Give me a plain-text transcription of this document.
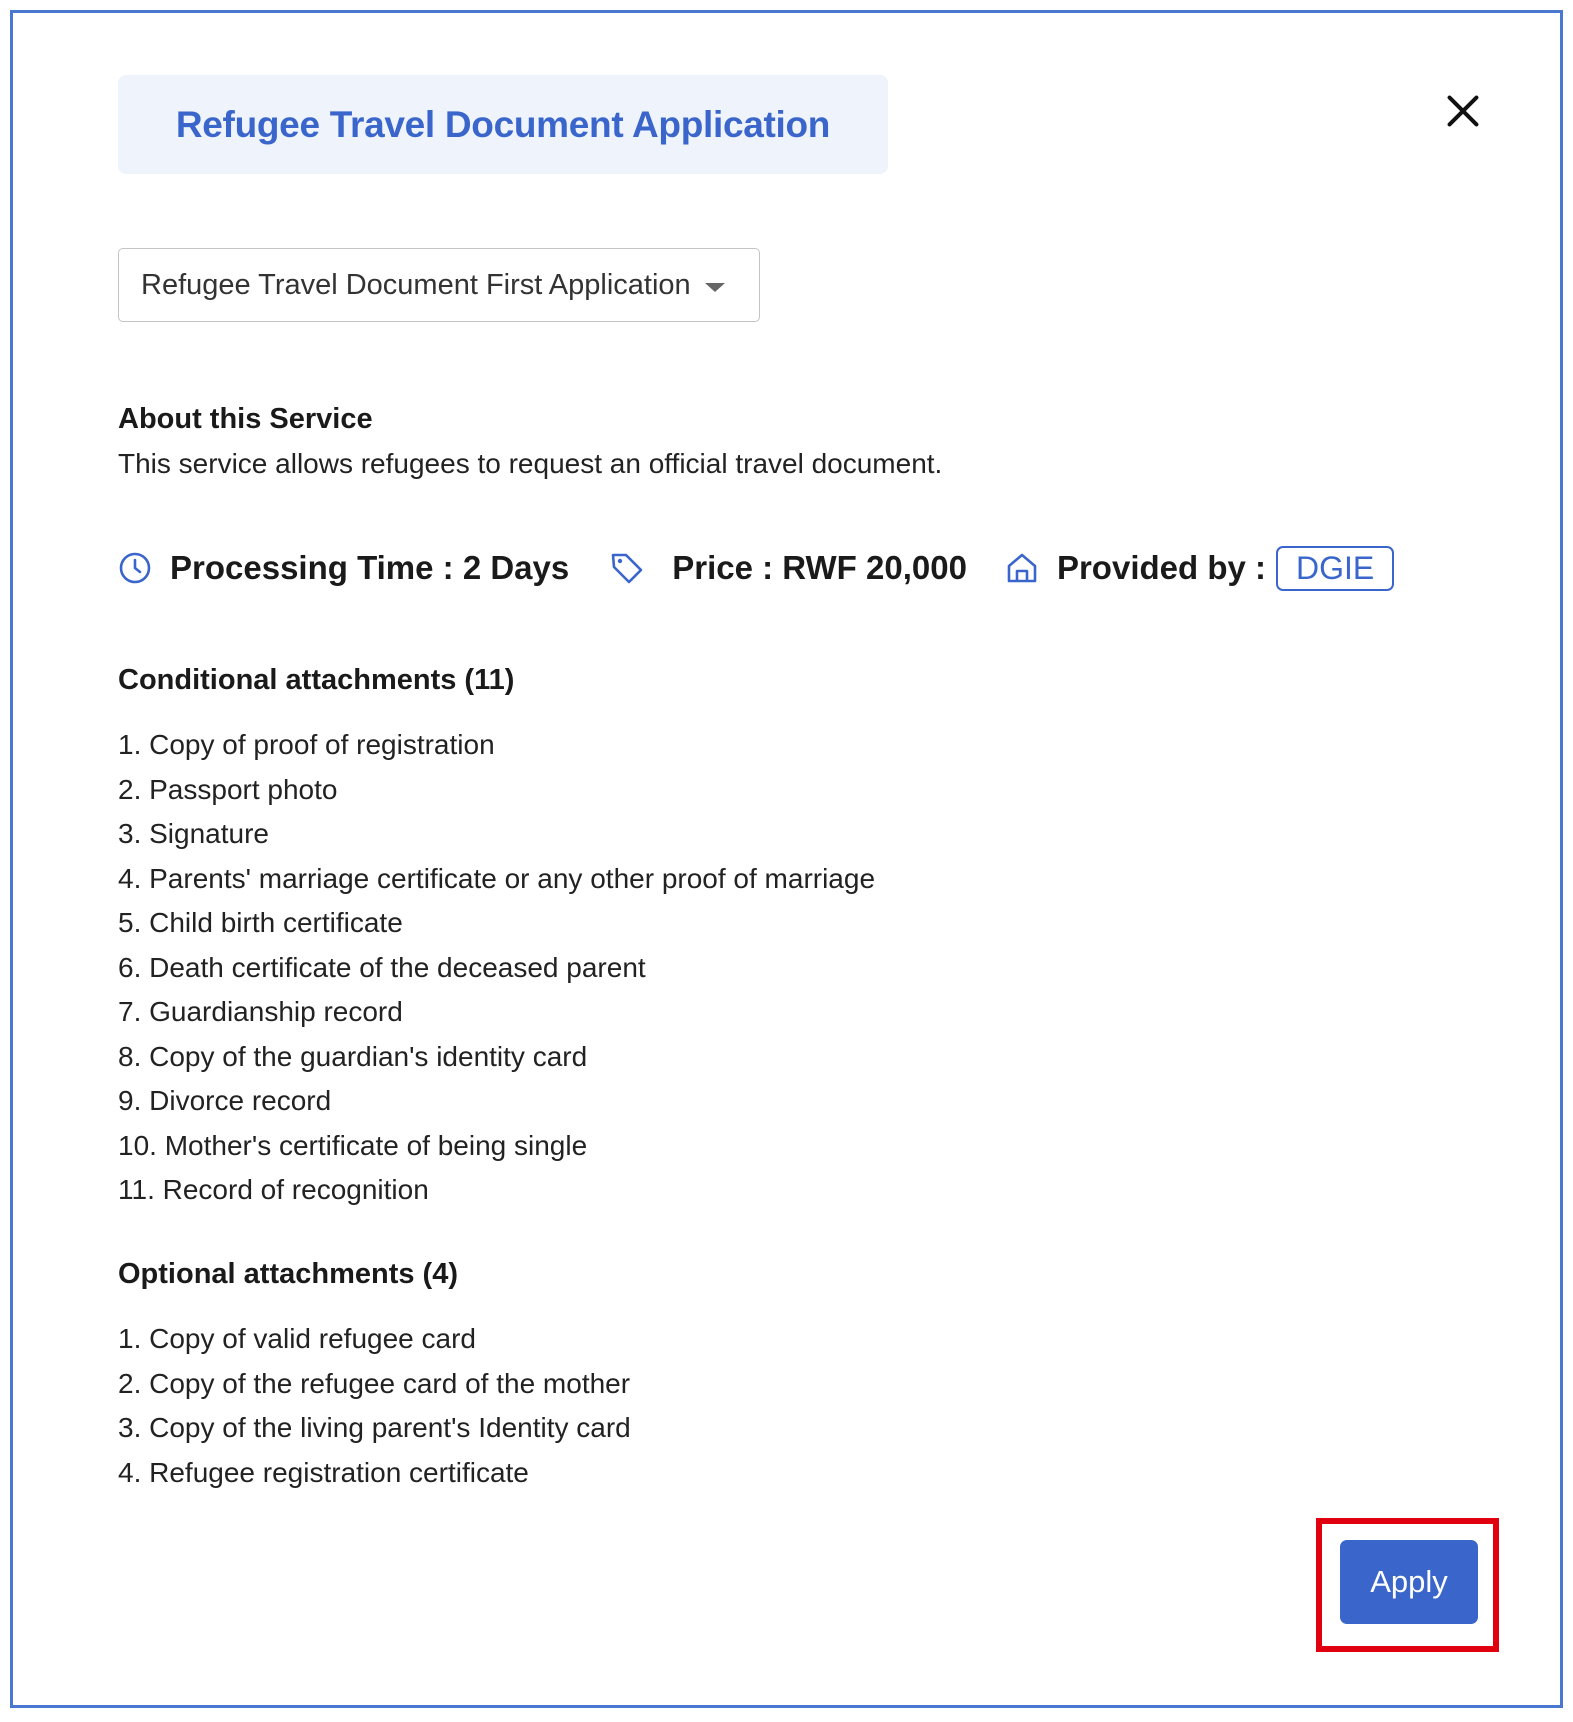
Refugee Travel Document Application
Refugee Travel Document First Application
About this Service
This service allows refugees to request an official travel document.
Processing Time : 2 Days	Price : RWF 20,000	Provided by : DGIE
Conditional attachments (11)
1. Copy of proof of registration
2. Passport photo
3. Signature
4. Parents' marriage certificate or any other proof of marriage
5. Child birth certificate
6. Death certificate of the deceased parent
7. Guardianship record
8. Copy of the guardian's identity card
9. Divorce record
10. Mother's certificate of being single
11. Record of recognition
Optional attachments (4)
1. Copy of valid refugee card
2. Copy of the refugee card of the mother
3. Copy of the living parent's Identity card
4. Refugee registration certificate
Apply
